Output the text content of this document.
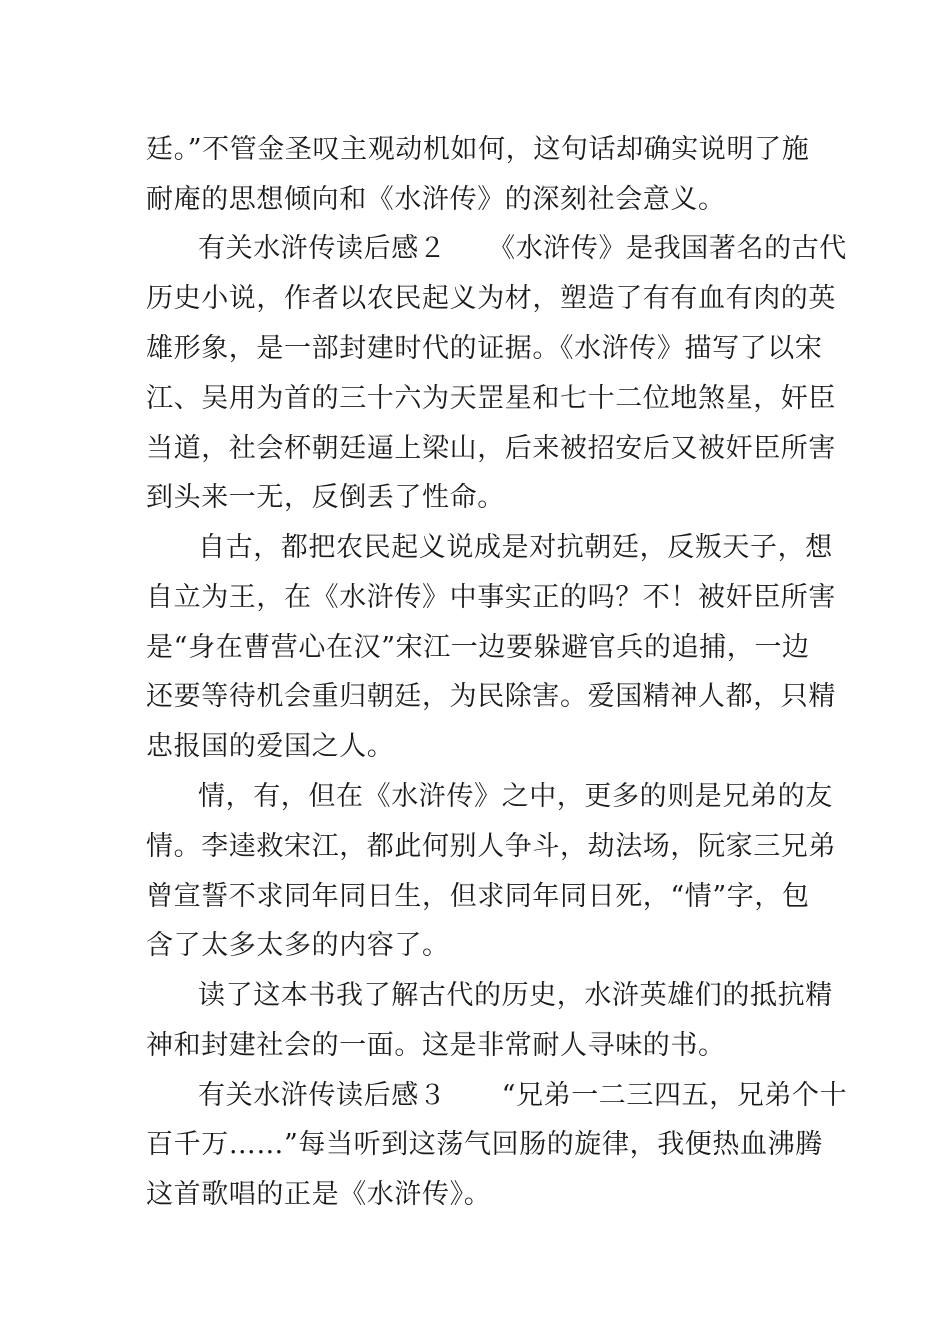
廷。”不管金圣叹主观动机如何，这句话却确实说明了施
耐庵的思想倾向和《水浒传》的深刻社会意义。
有关水浒传读后感２　　《水浒传》是我国著名的古代
历史小说，作者以农民起义为材，塑造了有有血有肉的英
雄形象，是一部封建时代的证据。《水浒传》描写了以宋
江、吴用为首的三十六为天罡星和七十二位地煞星，奸臣
当道，社会杯朝廷逼上梁山，后来被招安后又被奸臣所害
到头来一无，反倒丢了性命。
自古，都把农民起义说成是对抗朝廷，反叛天子，想
自立为王，在《水浒传》中事实正的吗？不！被奸臣所害
是“身在曹营心在汉”宋江一边要躲避官兵的追捕，一边
还要等待机会重归朝廷，为民除害。爱国精神人都，只精
忠报国的爱国之人。
情，有，但在《水浒传》之中，更多的则是兄弟的友
情。李逵救宋江，都此何别人争斗，劫法场，阮家三兄弟
曾宣誓不求同年同日生，但求同年同日死，“情”字，包
含了太多太多的内容了。
读了这本书我了解古代的历史，水浒英雄们的抵抗精
神和封建社会的一面。这是非常耐人寻味的书。
有关水浒传读后感３　　“兄弟一二三四五，兄弟个十
百千万……”每当听到这荡气回肠的旋律，我便热血沸腾
这首歌唱的正是《水浒传》。
